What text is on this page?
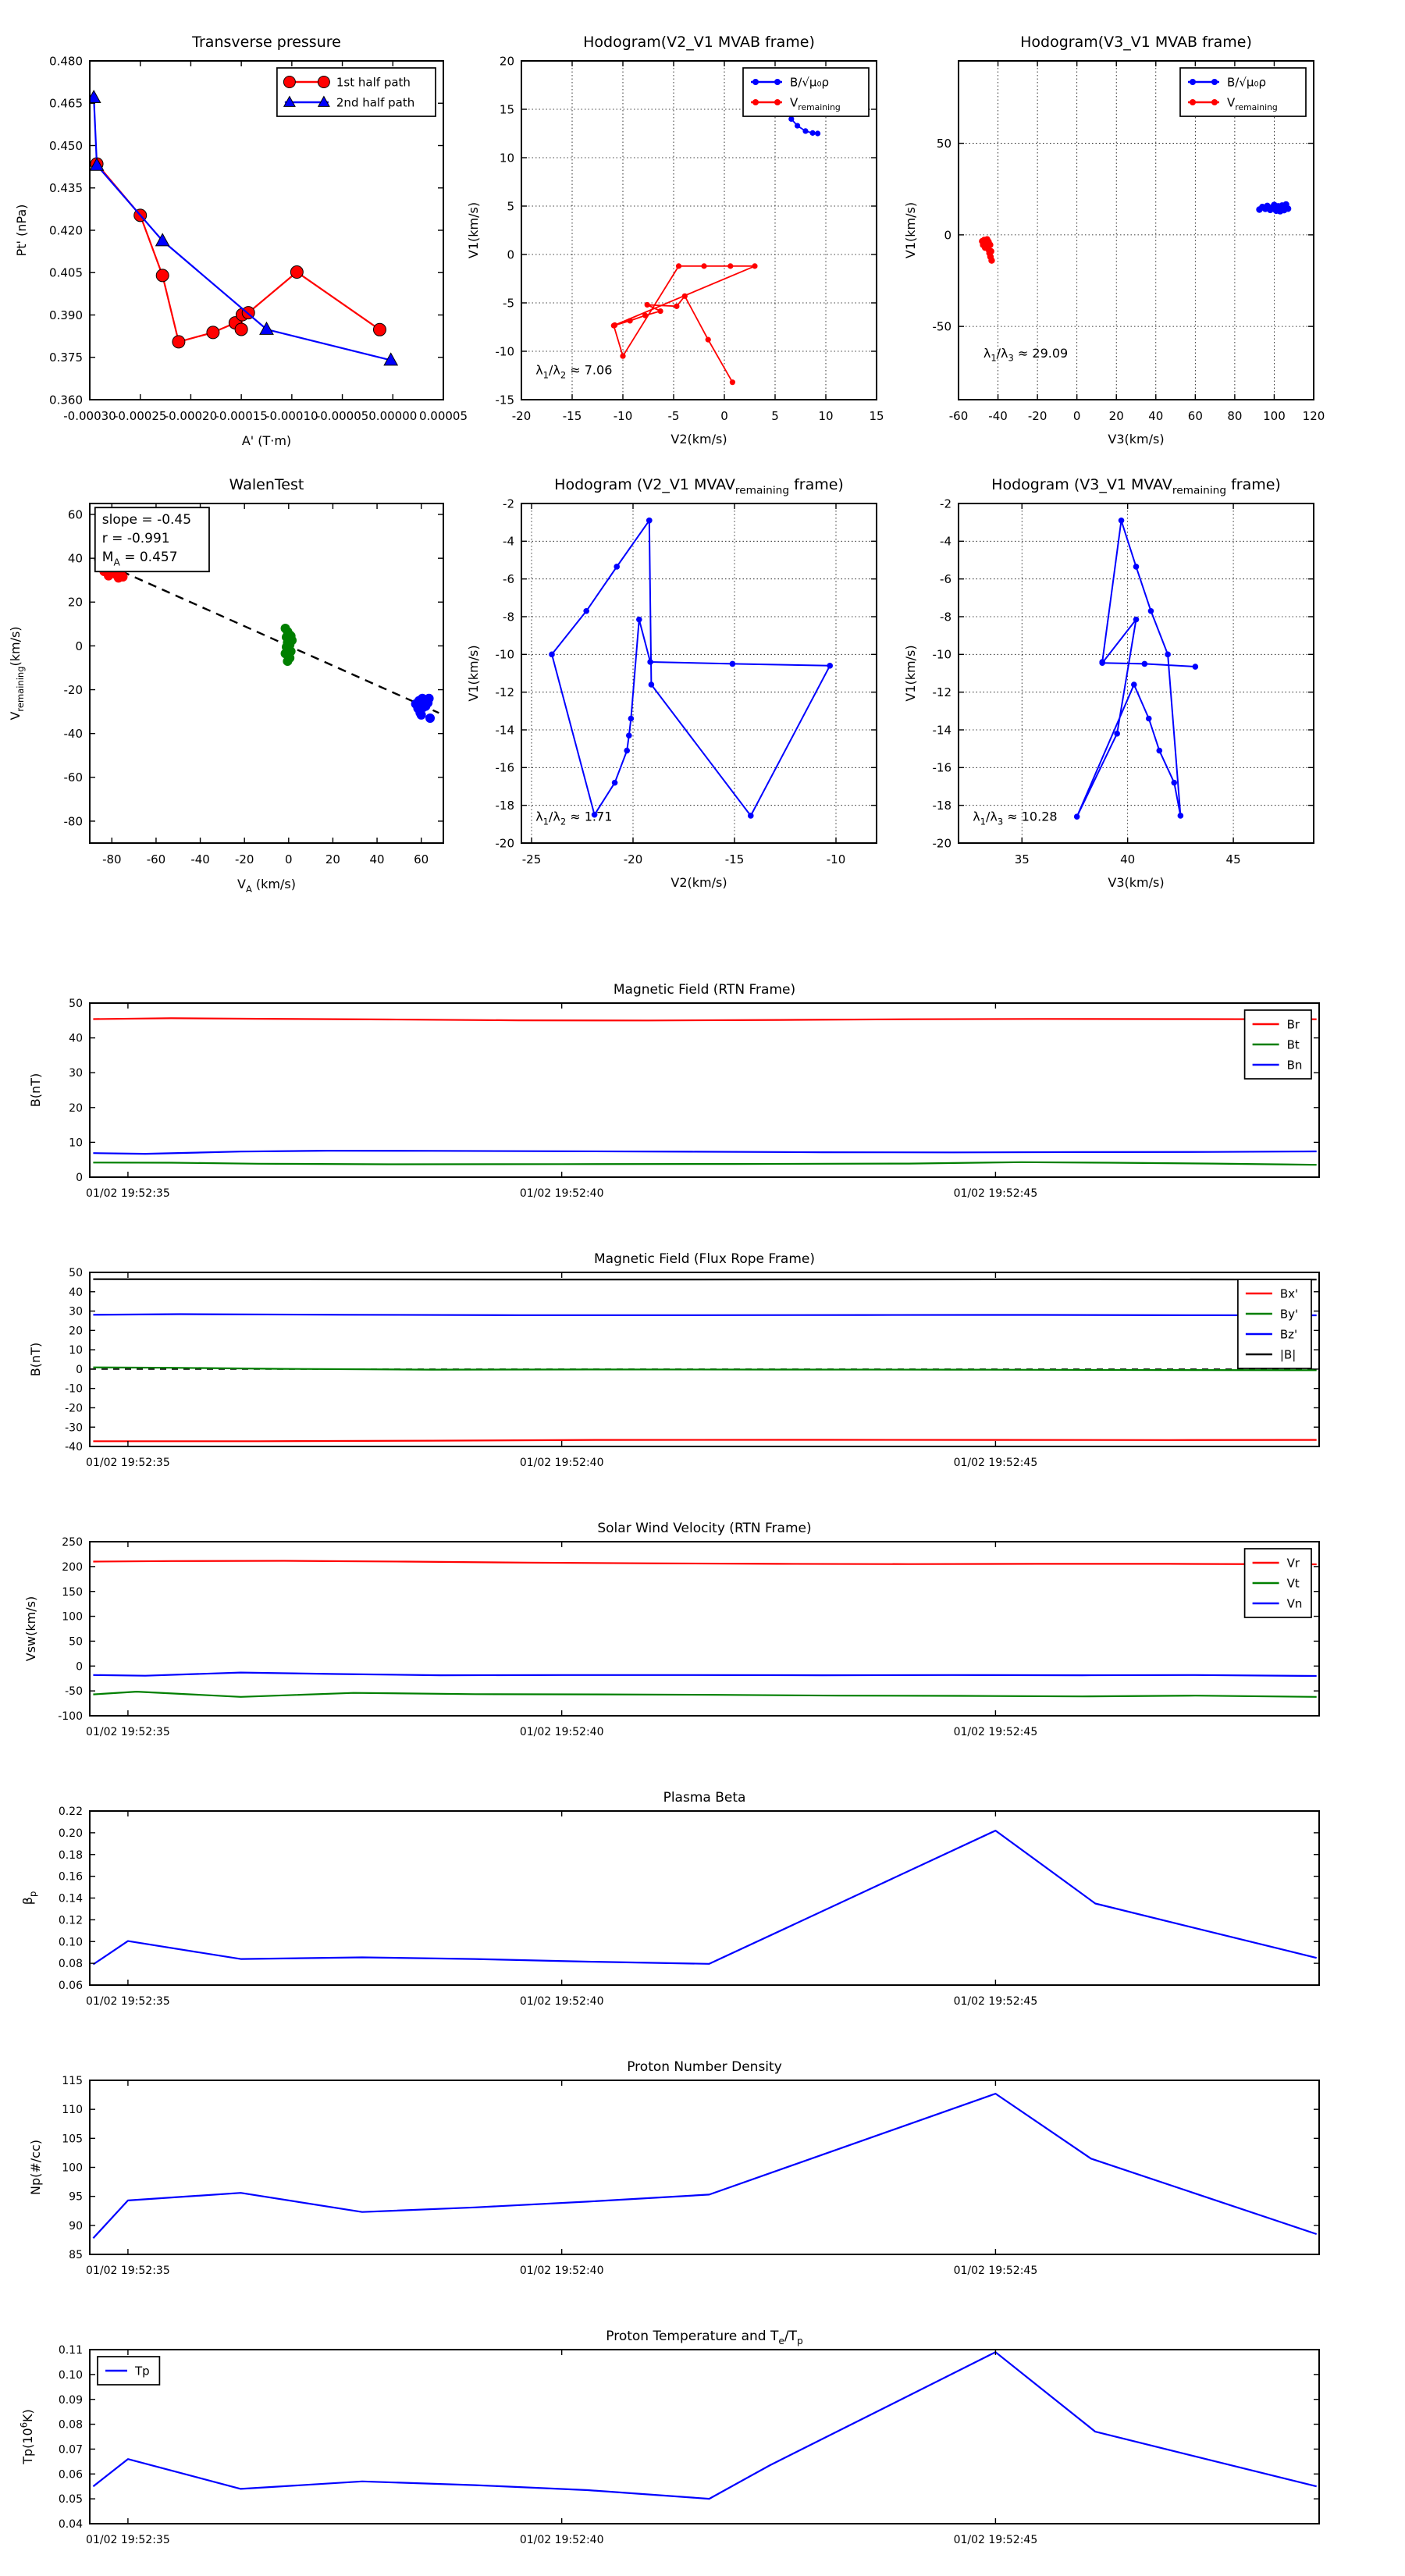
-0.00030
-0.00025
-0.00020
-0.00015
-0.00010
-0.00005 0.00000 0.00005
0.360
0.375
0.390
0.405
0.420
0.435
0.450
0.465
0.480
A' (T·m)
Pt' (nPa)
Transverse pressure
1st half path
2nd half path
-20	-15	-10	-5	0	5	10	15
-15
-10
-5
0
5
10
15
20
V2(km/s)
V1(km/s)
Hodogram(V2_V1 MVAB frame)
$\lambda_1/\lambda_2 \approx 7.06$
B/√μ₀ρ
$V_{remaining}$
-60 -40 -20 0 20 40 60 80 100 120
-50
0
50
V3(km/s)
V1(km/s)
Hodogram(V3_V1 MVAB frame)
$\lambda_1/\lambda_3 \approx 29.09$
B/√μ₀ρ
$V_{remaining}$
-80 -60 -40 -20	0	20	40	60
-80
-60
-40
-20
0
20
40
60
$V_A$ (km/s)
$V_{remaining}(km/s)$
WalenTest
slope = -0.45
r = -0.991
$M_A = 0.457$
-25	-20	-15	-10
-20
-18
-16
-14
-12
-10
-8
-6
-4
-2
V2(km/s)
V1(km/s)
Hodogram (V2_V1 $MVAV_{remaining}$ frame)
$\lambda_1/\lambda_2 \approx 1.71$
35	40	45
-20
-18
-16
-14
-12
-10
-8
-6
-4
-2
V3(km/s)
V1(km/s)
Hodogram (V3_V1 $MVAV_{remaining}$ frame)
$\lambda_1/\lambda_3 \approx 10.28$
01/02 19:52:35	01/02 19:52:40	01/02 19:52:45
0
10
20
30
40
50
B(nT)
Magnetic Field (RTN Frame)
Br
Bt
Bn
01/02 19:52:35	01/02 19:52:40	01/02 19:52:45
-40
-30
-20
-10
0
10
20
30
40
50
B(nT)
Magnetic Field (Flux Rope Frame)
Bx'
By'
Bz'
|B|
01/02 19:52:35	01/02 19:52:40	01/02 19:52:45
-100
-50
0
50
100
150
200
250
Vsw(km/s)
Solar Wind Velocity (RTN Frame)
Vr
Vt
Vn
01/02 19:52:35	01/02 19:52:40	01/02 19:52:45
0.06
0.08
0.10
0.12
0.14
0.16
0.18
0.20
0.22
$\beta_p$
Plasma Beta
01/02 19:52:35	01/02 19:52:40	01/02 19:52:45
85
90
95
100
105
110
115
Np(#/cc)
Proton Number Density
01/02 19:52:35	01/02 19:52:40	01/02 19:52:45
0.04
0.05
0.06
0.07
0.08
0.09
0.10
0.11
$Tp(10^6K)$
Proton Temperature and $T_e/T_p$
Tp
